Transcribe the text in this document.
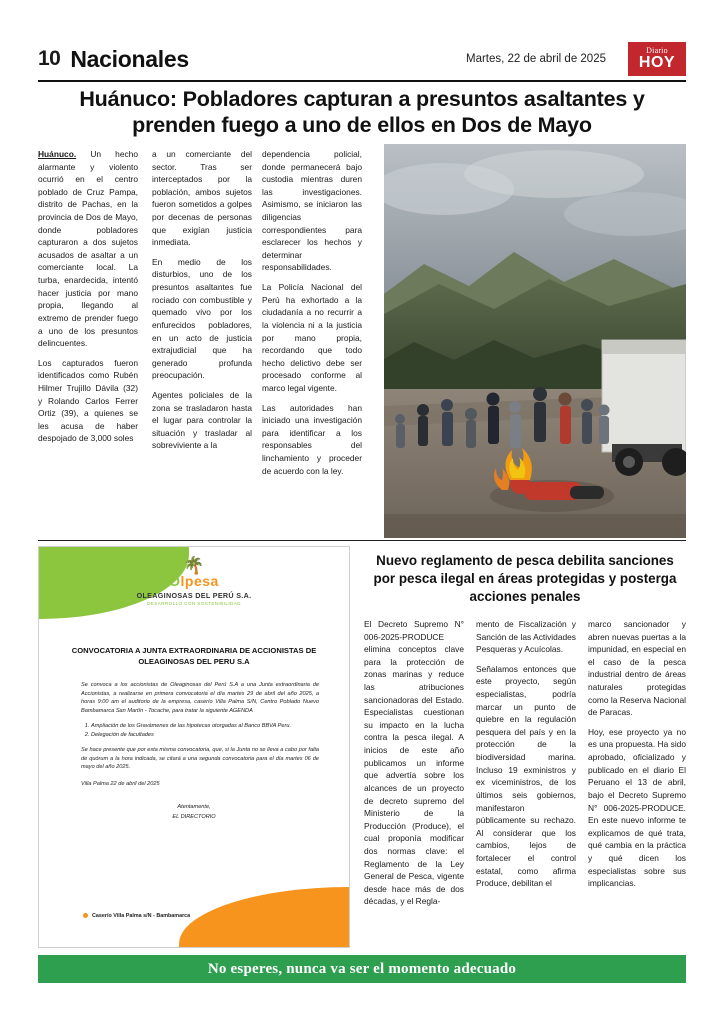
10 Nacionales	Martes, 22 de abril de 2025
Diario
HOY
Huánuco: Pobladores capturan a presuntos asaltantes y prenden fuego a uno de ellos en Dos de Mayo

Huánuco. Un hecho alarmante y violento ocurrió en el centro poblado de Cruz Pampa, distrito de Pachas, en la provincia de Dos de Mayo, donde pobladores capturaron a dos sujetos acusados de asaltar a un comerciante local. La turba, enardecida, intentó hacer justicia por mano propia, llegando al extremo de prender fuego a uno de los presuntos delincuentes.

Los capturados fueron identificados como Rubén Hilmer Trujillo Dávila (32) y Rolando Carlos Ferrer Ortiz (39), a quienes se les acusa de haber despojado de 3,000 soles

a un comerciante del sector. Tras ser interceptados por la población, ambos sujetos fueron sometidos a golpes por decenas de personas que exigían justicia inmediata.

En medio de los disturbios, uno de los presuntos asaltantes fue rociado con combustible y quemado vivo por los enfurecidos pobladores, en un acto de justicia extrajudicial que ha generado profunda preocupación.

Agentes policiales de la zona se trasladaron hasta el lugar para controlar la situación y trasladar al sobreviviente a la

dependencia policial, donde permanecerá bajo custodia mientras duren las investigaciones. Asimismo, se iniciaron las diligencias correspondientes para esclarecer los hechos y determinar responsabilidades.

La Policía Nacional del Perú ha exhortado a la ciudadanía a no recurrir a la violencia ni a la justicia por mano propia, recordando que todo hecho delictivo debe ser procesado conforme al marco legal vigente.

Las autoridades han iniciado una investigación para identificar a los responsables del linchamiento y proceder de acuerdo con la ley.

🌴
Olpesa
OLEAGINOSAS DEL PERÚ S.A.
DESARROLLO CON SOSTENIBILIDAD
CONVOCATORIA A JUNTA EXTRAORDINARIA DE ACCIONISTAS DE OLEAGINOSAS DEL PERU S.A

Se convoca a los accionistas de Oleaginosas del Perú S.A a una Junta extraordinaria de Accionistas, a realizarse en primera convocatoria el día martes 29 de abril del año 2025, a horas 9:00 am el auditorio de la empresa, caserío Villa Palma S/N, Centro Poblado Nuevo Bambamarca San Martín - Tocache, para tratar la siguiente AGENDA

1. Ampliación de los Gravámenes de las hipotecas otorgadas al Banco BBVA Peru.
2. Delegación de facultades

Se hace presente que por esta misma convocatoria, que, si la Junta no se lleva a cabo por falta de quórum a la hora indicada, se citará a una segunda convocatoria para el día martes 06 de mayo del año 2025.

Villa Palma 22 de abril del 2025
Atentamente,
EL DIRECTORIO
Caserío Villa Palma s/N - Bambamarca
Nuevo reglamento de pesca debilita sanciones por pesca ilegal en áreas protegidas y posterga acciones penales

El Decreto Supremo N° 006-2025-PRODUCE elimina conceptos clave para la protección de zonas marinas y reduce las atribuciones sancionadoras del Estado. Especialistas cuestionan su impacto en la lucha contra la pesca ilegal. A inicios de este año publicamos un informe que advertía sobre los alcances de un proyecto de decreto supremo del Ministerio de la Producción (Produce), el cual proponía modificar dos normas clave: el Reglamento de la Ley General de Pesca, vigente desde hace más de dos décadas, y el Regla-

mento de Fiscalización y Sanción de las Actividades Pesqueras y Acuícolas.

Señalamos entonces que este proyecto, según especialistas, podría marcar un punto de quiebre en la regulación pesquera del país y en la protección de la biodiversidad marina. Incluso 19 exministros y ex viceministros, de los últimos seis gobiernos, manifestaron públicamente su rechazo. Al considerar que los cambios, lejos de fortalecer el control estatal, como afirma Produce, debilitan el

marco sancionador y abren nuevas puertas a la impunidad, en especial en el caso de la pesca industrial dentro de áreas naturales protegidas como la Reserva Nacional de Paracas.

Hoy, ese proyecto ya no es una propuesta. Ha sido aprobado, oficializado y publicado en el diario El Peruano el 13 de abril, bajo el Decreto Supremo N° 006-2025-PRODUCE. En este nuevo informe te explicamos de qué trata, qué cambia en la práctica y qué dicen los especialistas sobre sus implicancias.

No esperes, nunca va ser el momento adecuado
